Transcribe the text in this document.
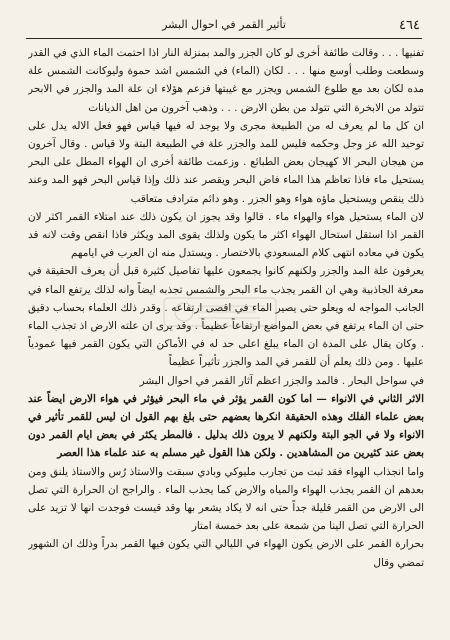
٤٦٤
تأثير القمر في احوال البشر

تفنيها . . . وقالت طائفة أخرى لو كان الجزر والمد بمنزلة النار اذا احتمت الماء الذي في القدر وسطعت وطلب أوسع منها . . . لكان (الماء) في الشمس اشد حموة وليوكانت الشمس علة مده لكان بعد مع طلوع الشمس ويجزر مع غيبتها فزعم هؤلاء ان علة المد والجزر في الابحر تتولد من الابخرة التي تتولد من بطن الارض . . . وذهب آخرون من اهل الديانات

ان كل ما لم يعرف له من الطبيعة مجرى ولا يوجد له فيها قياس فهو فعل الاله يدل على توحيد الله عز وجل وحكمه فليس للمد والجزر علة في الطبيعة البتة ولا قياس . وقال آخرون من هيجان البحر الا كهيجان بعض الطبائع . وزعمت طائفة أخرى ان الهواء المطل على البحر يستحيل ماء فاذا تعاظم هذا الماء فاض البحر ويقصر عند ذلك وإذا قياس البحر فهو المد وعند ذلك ينقص ويستحيل ماؤه هواء وهو الجزر . وهو دائم مترادف متعاقب

لان الماء يستحيل هواء والهواء ماء . قالوا وقد يجوز ان يكون ذلك عند امتلاء القمر اكثر لان القمر اذا استقل استحال الهواء اكثر ما يكون ولذلك يقوى المد ويكثر فاذا انقص وقت لانه قد يكون في معاده انتهى كلام المسعودي بالاختصار . ويستدل منه ان العرب في ايامهم

يعرفون علة المد والجزر ولكنهم كانوا يجمعون عليها تفاصيل كثيرة قبل أن يعرف الحقيقة في معرفة الجاذبية وهي ان القمر يجذب ماء البحر والشمس تجذبه ايضاً وانه لذلك يرتفع الماء في الجانب المواجه له ويعلو حتى يصير الماء في اقصى ارتفاعه . وقدر ذلك العلماء بحساب دقيق حتى ان الماء يرتفع في بعض المواضع ارتفاعاً عظيماً . وقد يرى ان علته الارض اذ تجذب الماء . وكان يقال على المدة ان الماء يبلغ اعلى حد له في الأماكن التي يكون القمر فيها عمودياً عليها . ومن ذلك يعلم أن للقمر في المد والجزر تأثيراً عظيماً

في سواحل البحار . فالمد والجزر اعظم آثار القمر في احوال البشر

الاثر الثاني في الانواء — اما كون القمر يؤثر في ماء البحر فيؤثر في هواء الارض ايضاً عند بعض علماء الفلك وهذه الحقيقة انكرها بعضهم حتى بلغ بهم القول ان ليس للقمر تأثير في الانواء ولا في الجو البتة ولكنهم لا يرون ذلك بدليل . فالمطر يكثر في بعض ايام القمر دون بعض عند كثيرين من المشاهدين . ولكن هذا القول غير مسلم به عند علماء هذا العصر

واما انجذاب الهواء فقد ثبت من تجارب مليوكي وبادي سبقت والاستاذ رُس والاستاذ يلنق ومن بعدهم ان القمر يجذب الهواء والمياه والارض كما يجذب الماء . والراجح ان الحرارة التي تصل الى الارض من القمر قليلة جداً حتى انه لا يكاد يشعر بها وقد قيست فوجدت انها لا تزيد على الحرارة التي تصل الينا من شمعة على بعد خمسة امتار

بحرارة القمر على الارض يكون الهواء في الليالي التي يكون فيها القمر بدراً وذلك ان الشهور تمضي وقال
